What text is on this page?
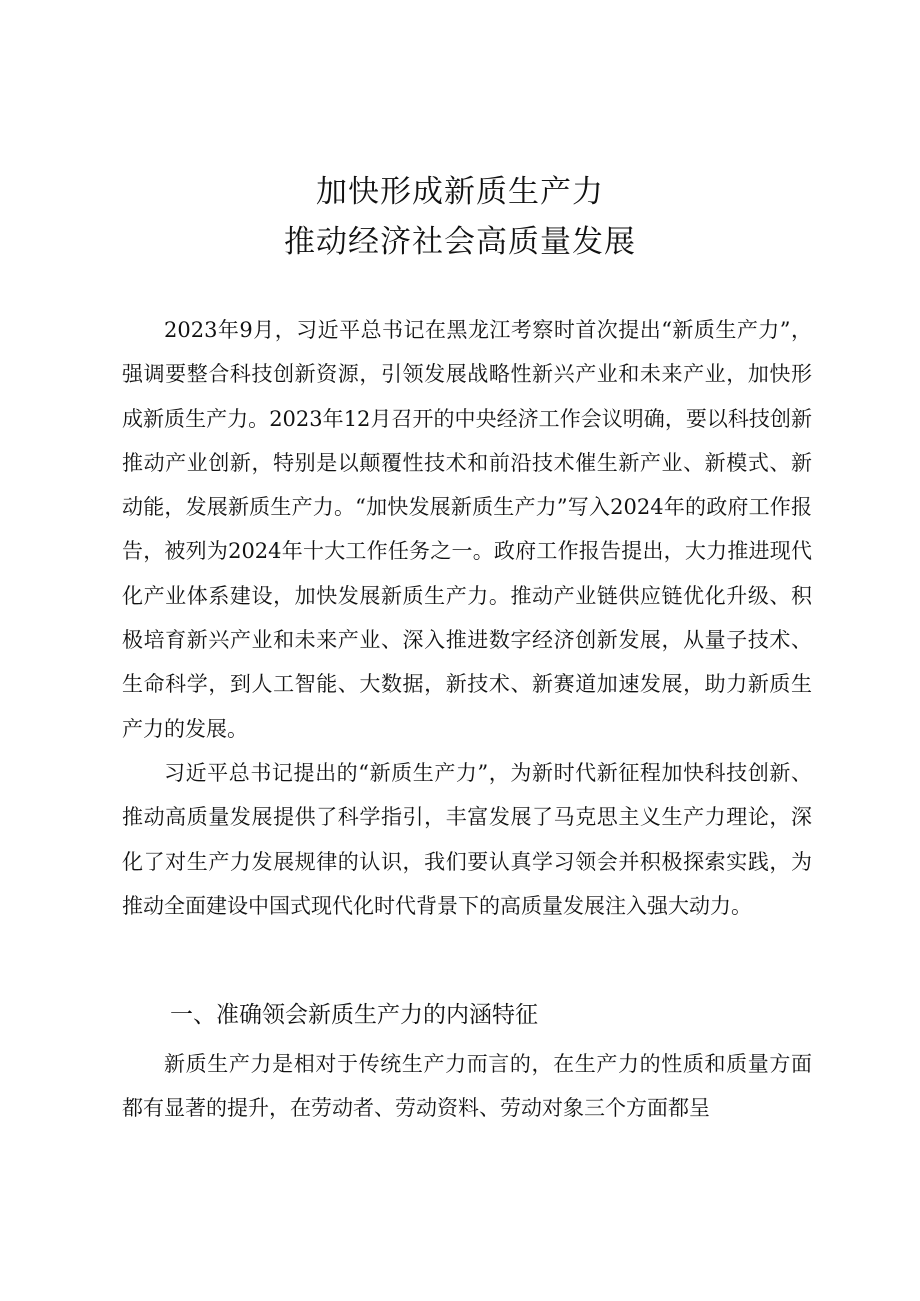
加快形成新质生产力
推动经济社会高质量发展

2023年9月，习近平总书记在黑龙江考察时首次提出“新质生产力”，强调要整合科技创新资源，引领发展战略性新兴产业和未来产业，加快形成新质生产力。2023年12月召开的中央经济工作会议明确，要以科技创新推动产业创新，特别是以颠覆性技术和前沿技术催生新产业、新模式、新动能，发展新质生产力。“加快发展新质生产力”写入2024年的政府工作报告，被列为2024年十大工作任务之一。政府工作报告提出，大力推进现代化产业体系建设，加快发展新质生产力。推动产业链供应链优化升级、积极培育新兴产业和未来产业、深入推进数字经济创新发展，从量子技术、生命科学，到人工智能、大数据，新技术、新赛道加速发展，助力新质生产力的发展。

习近平总书记提出的“新质生产力”，为新时代新征程加快科技创新、推动高质量发展提供了科学指引，丰富发展了马克思主义生产力理论，深化了对生产力发展规律的认识，我们要认真学习领会并积极探索实践，为推动全面建设中国式现代化时代背景下的高质量发展注入强大动力。

一、准确领会新质生产力的内涵特征

新质生产力是相对于传统生产力而言的，在生产力的性质和质量方面都有显著的提升，在劳动者、劳动资料、劳动对象三个方面都呈
